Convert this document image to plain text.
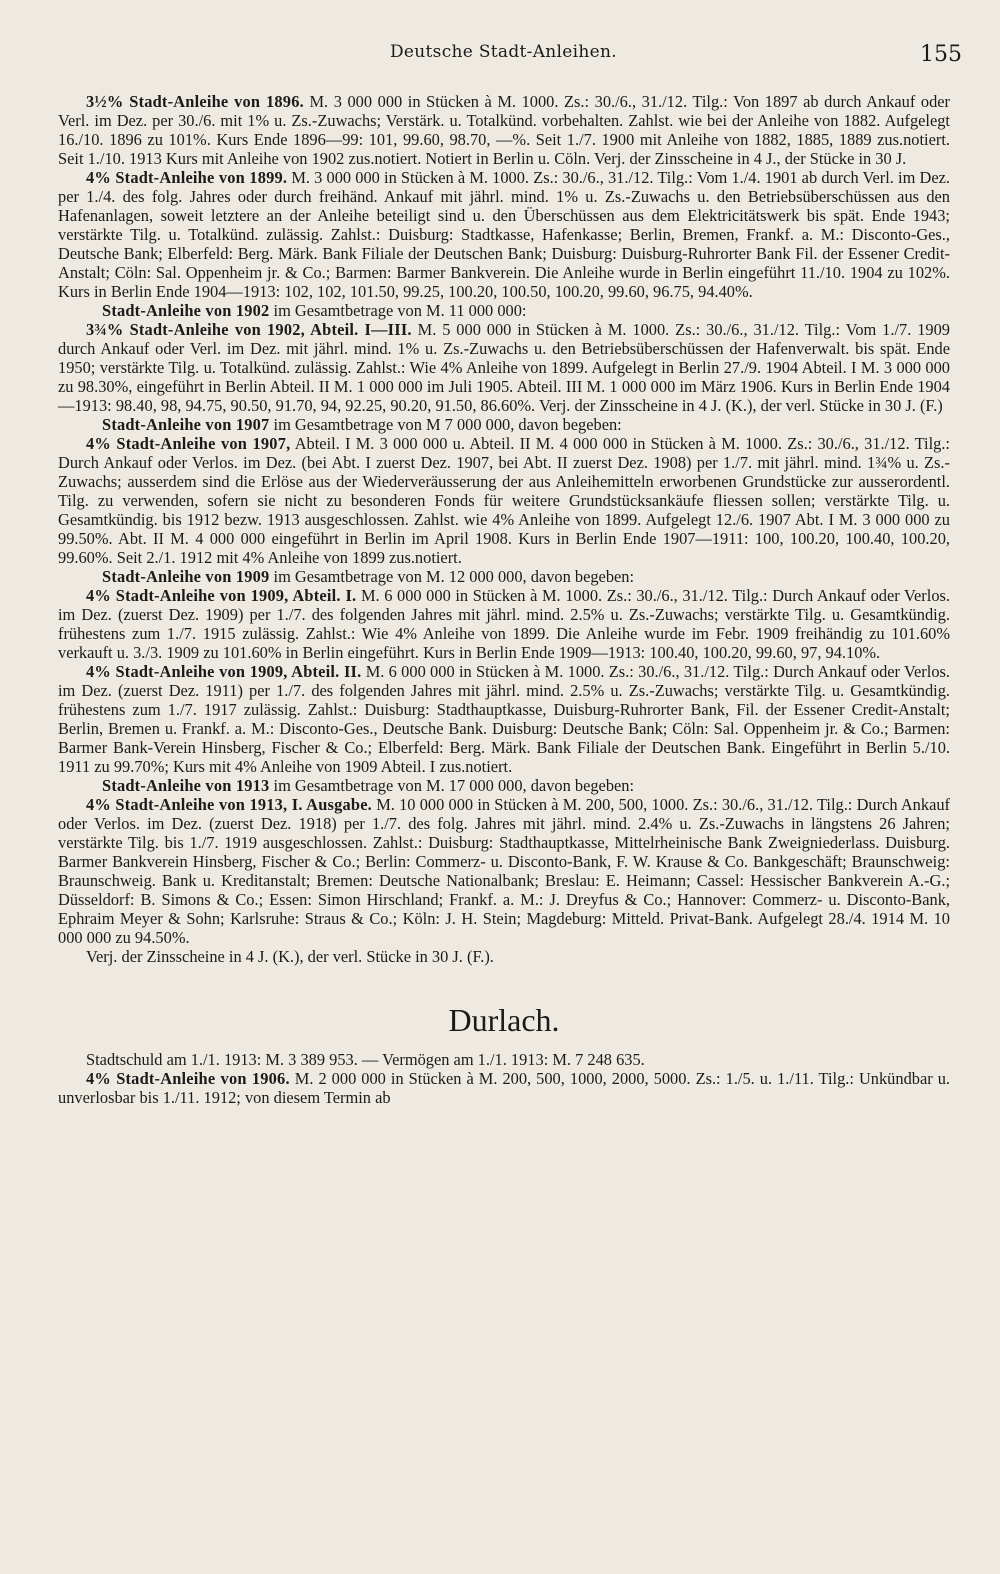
Deutsche Stadt-Anleihen.	155

3½% Stadt-Anleihe von 1896. M. 3 000 000 in Stücken à M. 1000. Zs.: 30./6., 31./12. Tilg.: Von 1897 ab durch Ankauf oder Verl. im Dez. per 30./6. mit 1% u. Zs.-Zuwachs; Verstärk. u. Totalkünd. vorbehalten. Zahlst. wie bei der Anleihe von 1882. Aufgelegt 16./10. 1896 zu 101%. Kurs Ende 1896—99: 101, 99.60, 98.70, —%. Seit 1./7. 1900 mit Anleihe von 1882, 1885, 1889 zus.notiert. Seit 1./10. 1913 Kurs mit Anleihe von 1902 zus.notiert. Notiert in Berlin u. Cöln. Verj. der Zinsscheine in 4 J., der Stücke in 30 J.

4% Stadt-Anleihe von 1899. M. 3 000 000 in Stücken à M. 1000. Zs.: 30./6., 31./12. Tilg.: Vom 1./4. 1901 ab durch Verl. im Dez. per 1./4. des folg. Jahres oder durch freihänd. Ankauf mit jährl. mind. 1% u. Zs.-Zuwachs u. den Betriebsüberschüssen aus den Hafenanlagen, soweit letztere an der Anleihe beteiligt sind u. den Überschüssen aus dem Elektricitätswerk bis spät. Ende 1943; verstärkte Tilg. u. Totalkünd. zulässig. Zahlst.: Duisburg: Stadtkasse, Hafenkasse; Berlin, Bremen, Frankf. a. M.: Disconto-Ges., Deutsche Bank; Elberfeld: Berg. Märk. Bank Filiale der Deutschen Bank; Duisburg: Duisburg-Ruhrorter Bank Fil. der Essener Credit-Anstalt; Cöln: Sal. Oppenheim jr. & Co.; Barmen: Barmer Bankverein. Die Anleihe wurde in Berlin eingeführt 11./10. 1904 zu 102%. Kurs in Berlin Ende 1904—1913: 102, 102, 101.50, 99.25, 100.20, 100.50, 100.20, 99.60, 96.75, 94.40%.

Stadt-Anleihe von 1902 im Gesamtbetrage von M. 11 000 000:

3¾% Stadt-Anleihe von 1902, Abteil. I—III. M. 5 000 000 in Stücken à M. 1000. Zs.: 30./6., 31./12. Tilg.: Vom 1./7. 1909 durch Ankauf oder Verl. im Dez. mit jährl. mind. 1% u. Zs.-Zuwachs u. den Betriebsüberschüssen der Hafenverwalt. bis spät. Ende 1950; verstärkte Tilg. u. Totalkünd. zulässig. Zahlst.: Wie 4% Anleihe von 1899. Aufgelegt in Berlin 27./9. 1904 Abteil. I M. 3 000 000 zu 98.30%, eingeführt in Berlin Abteil. II M. 1 000 000 im Juli 1905. Abteil. III M. 1 000 000 im März 1906. Kurs in Berlin Ende 1904—1913: 98.40, 98, 94.75, 90.50, 91.70, 94, 92.25, 90.20, 91.50, 86.60%. Verj. der Zinsscheine in 4 J. (K.), der verl. Stücke in 30 J. (F.)

Stadt-Anleihe von 1907 im Gesamtbetrage von M 7 000 000, davon begeben:

4% Stadt-Anleihe von 1907, Abteil. I M. 3 000 000 u. Abteil. II M. 4 000 000 in Stücken à M. 1000. Zs.: 30./6., 31./12. Tilg.: Durch Ankauf oder Verlos. im Dez. (bei Abt. I zuerst Dez. 1907, bei Abt. II zuerst Dez. 1908) per 1./7. mit jährl. mind. 1¾% u. Zs.-Zuwachs; ausserdem sind die Erlöse aus der Wiederveräusserung der aus Anleihemitteln erworbenen Grundstücke zur ausserordentl. Tilg. zu verwenden, sofern sie nicht zu besonderen Fonds für weitere Grundstücksankäufe fliessen sollen; verstärkte Tilg. u. Gesamtkündig. bis 1912 bezw. 1913 ausgeschlossen. Zahlst. wie 4% Anleihe von 1899. Aufgelegt 12./6. 1907 Abt. I M. 3 000 000 zu 99.50%. Abt. II M. 4 000 000 eingeführt in Berlin im April 1908. Kurs in Berlin Ende 1907—1911: 100, 100.20, 100.40, 100.20, 99.60%. Seit 2./1. 1912 mit 4% Anleihe von 1899 zus.notiert.

Stadt-Anleihe von 1909 im Gesamtbetrage von M. 12 000 000, davon begeben:

4% Stadt-Anleihe von 1909, Abteil. I. M. 6 000 000 in Stücken à M. 1000. Zs.: 30./6., 31./12. Tilg.: Durch Ankauf oder Verlos. im Dez. (zuerst Dez. 1909) per 1./7. des folgenden Jahres mit jährl. mind. 2.5% u. Zs.-Zuwachs; verstärkte Tilg. u. Gesamtkündig. frühestens zum 1./7. 1915 zulässig. Zahlst.: Wie 4% Anleihe von 1899. Die Anleihe wurde im Febr. 1909 freihändig zu 101.60% verkauft u. 3./3. 1909 zu 101.60% in Berlin eingeführt. Kurs in Berlin Ende 1909—1913: 100.40, 100.20, 99.60, 97, 94.10%.

4% Stadt-Anleihe von 1909, Abteil. II. M. 6 000 000 in Stücken à M. 1000. Zs.: 30./6., 31./12. Tilg.: Durch Ankauf oder Verlos. im Dez. (zuerst Dez. 1911) per 1./7. des folgenden Jahres mit jährl. mind. 2.5% u. Zs.-Zuwachs; verstärkte Tilg. u. Gesamtkündig. frühestens zum 1./7. 1917 zulässig. Zahlst.: Duisburg: Stadthauptkasse, Duisburg-Ruhrorter Bank, Fil. der Essener Credit-Anstalt; Berlin, Bremen u. Frankf. a. M.: Disconto-Ges., Deutsche Bank. Duisburg: Deutsche Bank; Cöln: Sal. Oppenheim jr. & Co.; Barmen: Barmer Bank-Verein Hinsberg, Fischer & Co.; Elberfeld: Berg. Märk. Bank Filiale der Deutschen Bank. Eingeführt in Berlin 5./10. 1911 zu 99.70%; Kurs mit 4% Anleihe von 1909 Abteil. I zus.notiert.

Stadt-Anleihe von 1913 im Gesamtbetrage von M. 17 000 000, davon begeben:

4% Stadt-Anleihe von 1913, I. Ausgabe. M. 10 000 000 in Stücken à M. 200, 500, 1000. Zs.: 30./6., 31./12. Tilg.: Durch Ankauf oder Verlos. im Dez. (zuerst Dez. 1918) per 1./7. des folg. Jahres mit jährl. mind. 2.4% u. Zs.-Zuwachs in längstens 26 Jahren; verstärkte Tilg. bis 1./7. 1919 ausgeschlossen. Zahlst.: Duisburg: Stadthauptkasse, Mittelrheinische Bank Zweigniederlass. Duisburg. Barmer Bankverein Hinsberg, Fischer & Co.; Berlin: Commerz- u. Disconto-Bank, F. W. Krause & Co. Bankgeschäft; Braunschweig: Braunschweig. Bank u. Kreditanstalt; Bremen: Deutsche Nationalbank; Breslau: E. Heimann; Cassel: Hessischer Bankverein A.-G.; Düsseldorf: B. Simons & Co.; Essen: Simon Hirschland; Frankf. a. M.: J. Dreyfus & Co.; Hannover: Commerz- u. Disconto-Bank, Ephraim Meyer & Sohn; Karlsruhe: Straus & Co.; Köln: J. H. Stein; Magdeburg: Mitteld. Privat-Bank. Aufgelegt 28./4. 1914 M. 10 000 000 zu 94.50%.

Verj. der Zinsscheine in 4 J. (K.), der verl. Stücke in 30 J. (F.).

Durlach.

Stadtschuld am 1./1. 1913: M. 3 389 953. — Vermögen am 1./1. 1913: M. 7 248 635.

4% Stadt-Anleihe von 1906. M. 2 000 000 in Stücken à M. 200, 500, 1000, 2000, 5000. Zs.: 1./5. u. 1./11. Tilg.: Unkündbar u. unverlosbar bis 1./11. 1912; von diesem Termin ab
